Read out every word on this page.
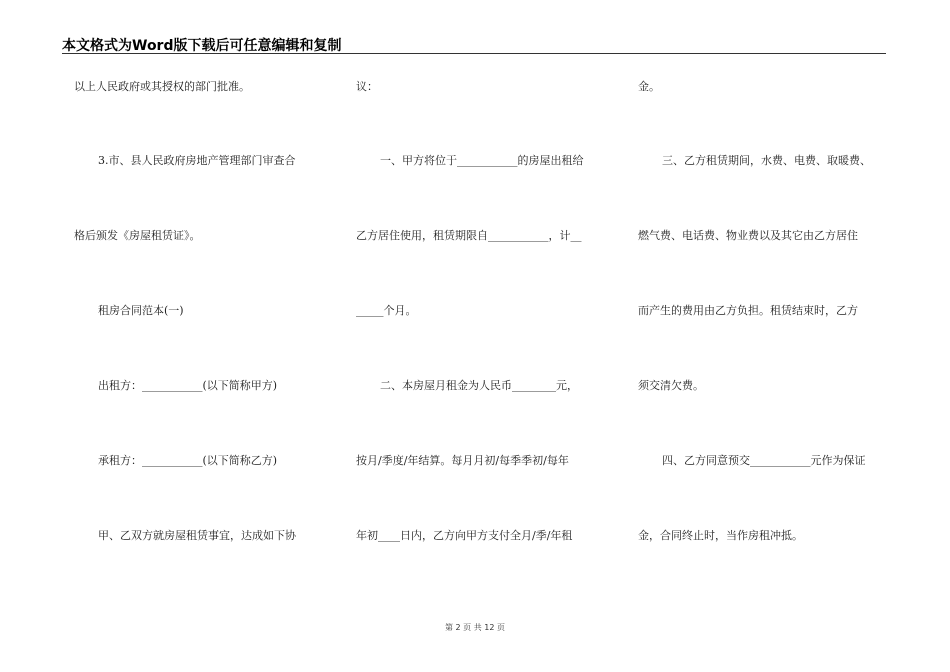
本文格式为Word版下载后可任意编辑和复制
以上人民政府或其授权的部门批准。
3.市、县人民政府房地产管理部门审查合
格后颁发《房屋租赁证》。
租房合同范本(一)
出租方：___________(以下简称甲方)
承租方：___________(以下简称乙方)
甲、乙双方就房屋租赁事宜，达成如下协
议：
一、甲方将位于___________的房屋出租给
乙方居住使用，租赁期限自___________，计__
_____个月。
二、本房屋月租金为人民币________元，
按月/季度/年结算。每月月初/每季季初/每年
年初____日内，乙方向甲方支付全月/季/年租
金。
三、乙方租赁期间，水费、电费、取暖费、
燃气费、电话费、物业费以及其它由乙方居住
而产生的费用由乙方负担。租赁结束时，乙方
须交清欠费。
四、乙方同意预交___________元作为保证
金，合同终止时，当作房租冲抵。
第 2 页 共 12 页
